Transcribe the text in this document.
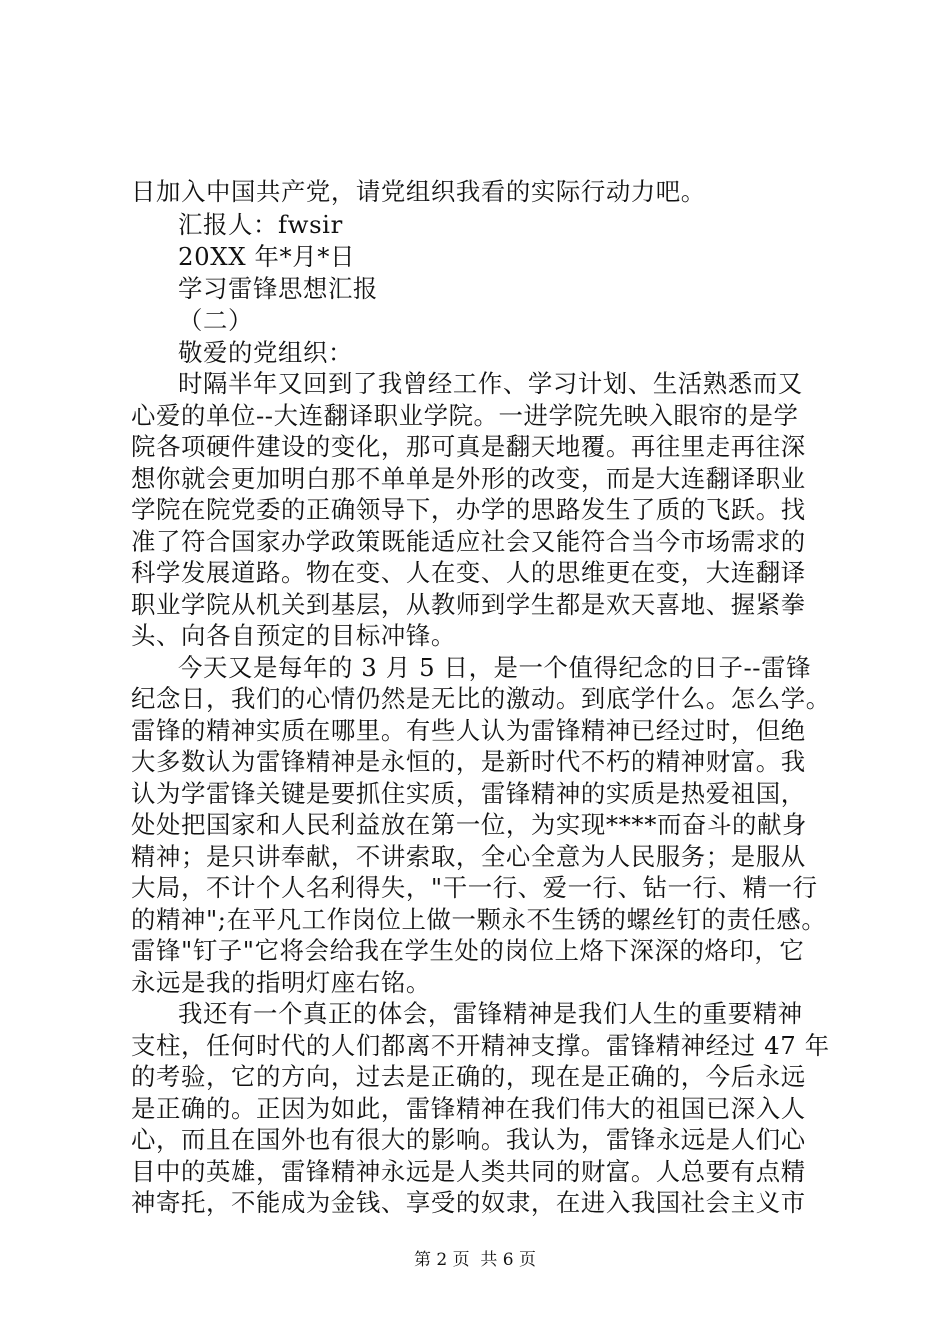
日加入中国共产党，请党组织我看的实际行动力吧。
汇报人：fwsir
20XX 年*月*日
学习雷锋思想汇报
（二）
敬爱的党组织：
时隔半年又回到了我曾经工作、学习计划、生活熟悉而又
心爱的单位--大连翻译职业学院。一进学院先映入眼帘的是学
院各项硬件建设的变化，那可真是翻天地覆。再往里走再往深
想你就会更加明白那不单单是外形的改变，而是大连翻译职业
学院在院党委的正确领导下，办学的思路发生了质的飞跃。找
准了符合国家办学政策既能适应社会又能符合当今市场需求的
科学发展道路。物在变、人在变、人的思维更在变，大连翻译
职业学院从机关到基层，从教师到学生都是欢天喜地、握紧拳
头、向各自预定的目标冲锋。
今天又是每年的 3 月 5 日，是一个值得纪念的日子--雷锋
纪念日，我们的心情仍然是无比的激动。到底学什么。怎么学。
雷锋的精神实质在哪里。有些人认为雷锋精神已经过时，但绝
大多数认为雷锋精神是永恒的，是新时代不朽的精神财富。我
认为学雷锋关键是要抓住实质，雷锋精神的实质是热爱祖国，
处处把国家和人民利益放在第一位，为实现****而奋斗的献身
精神；是只讲奉献，不讲索取，全心全意为人民服务；是服从
大局，不计个人名利得失，"干一行、爱一行、钻一行、精一行
的精神";在平凡工作岗位上做一颗永不生锈的螺丝钉的责任感。
雷锋"钉子"它将会给我在学生处的岗位上烙下深深的烙印，它
永远是我的指明灯座右铭。
我还有一个真正的体会，雷锋精神是我们人生的重要精神
支柱，任何时代的人们都离不开精神支撑。雷锋精神经过 47 年
的考验，它的方向，过去是正确的，现在是正确的，今后永远
是正确的。正因为如此，雷锋精神在我们伟大的祖国已深入人
心，而且在国外也有很大的影响。我认为，雷锋永远是人们心
目中的英雄，雷锋精神永远是人类共同的财富。人总要有点精
神寄托，不能成为金钱、享受的奴隶，在进入我国社会主义市
第 2 页  共 6 页
